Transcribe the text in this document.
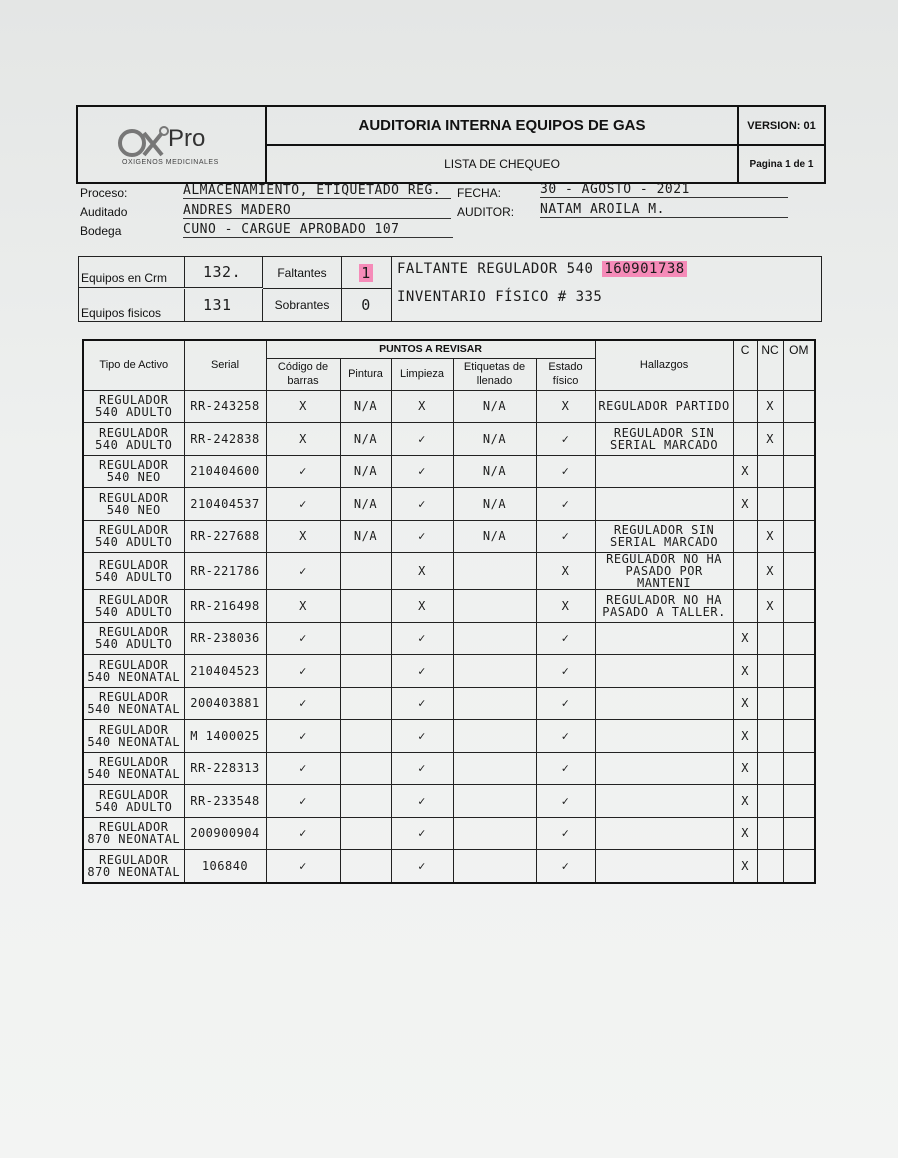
Pro
OXIGENOS MEDICINALES
AUDITORIA INTERNA EQUIPOS DE GAS
LISTA DE CHEQUEO
VERSION: 01
Pagina 1 de 1
Proceso:	ALMACENAMIENTO, ETIQUETADO REG.
Auditado	ANDRES MADERO
Bodega	CUNO - CARGUE APROBADO 107
FECHA:	30 - AGOSTO - 2021
AUDITOR: NATAM AROILA M.
Equipos en Crm	132.	Faltantes	1
Equipos fisicos	131	Sobrantes	0
FALTANTE REGULADOR 540 160901738
INVENTARIO FÍSICO # 335
Tipo de Activo	Serial	PUNTOS A REVISAR					Hallazgos	C	NC	OM
		Código de barras	Pintura	Limpieza	Etiquetas de llenado	Estado físico				
REGULADOR 540 ADULTO	RR-243258	X	N/A	X	N/A	X	REGULADOR PARTIDO		X	
REGULADOR 540 ADULTO	RR-242838	X	N/A	✓	N/A	✓	REGULADOR SIN SERIAL MARCADO		X	
REGULADOR 540 NEO	210404600	✓	N/A	✓	N/A	✓		X		
REGULADOR 540 NEO	210404537	✓	N/A	✓	N/A	✓		X		
REGULADOR 540 ADULTO	RR-227688	X	N/A	✓	N/A	✓	REGULADOR SIN SERIAL MARCADO		X	
REGULADOR 540 ADULTO	RR-221786	✓		X		X	REGULADOR NO HA PASADO POR MANTENI		X	
REGULADOR 540 ADULTO	RR-216498	X		X		X	REGULADOR NO HA PASADO A TALLER.		X	
REGULADOR 540 ADULTO	RR-238036	✓		✓		✓		X		
REGULADOR 540 NEONATAL	210404523	✓		✓		✓		X		
REGULADOR 540 NEONATAL	200403881	✓		✓		✓		X		
REGULADOR 540 NEONATAL	M 1400025	✓		✓		✓		X		
REGULADOR 540 NEONATAL	RR-228313	✓		✓		✓		X		
REGULADOR 540 ADULTO	RR-233548	✓		✓		✓		X		
REGULADOR 870 NEONATAL	200900904	✓		✓		✓		X		
REGULADOR 870 NEONATAL	106840	✓		✓		✓		X		
